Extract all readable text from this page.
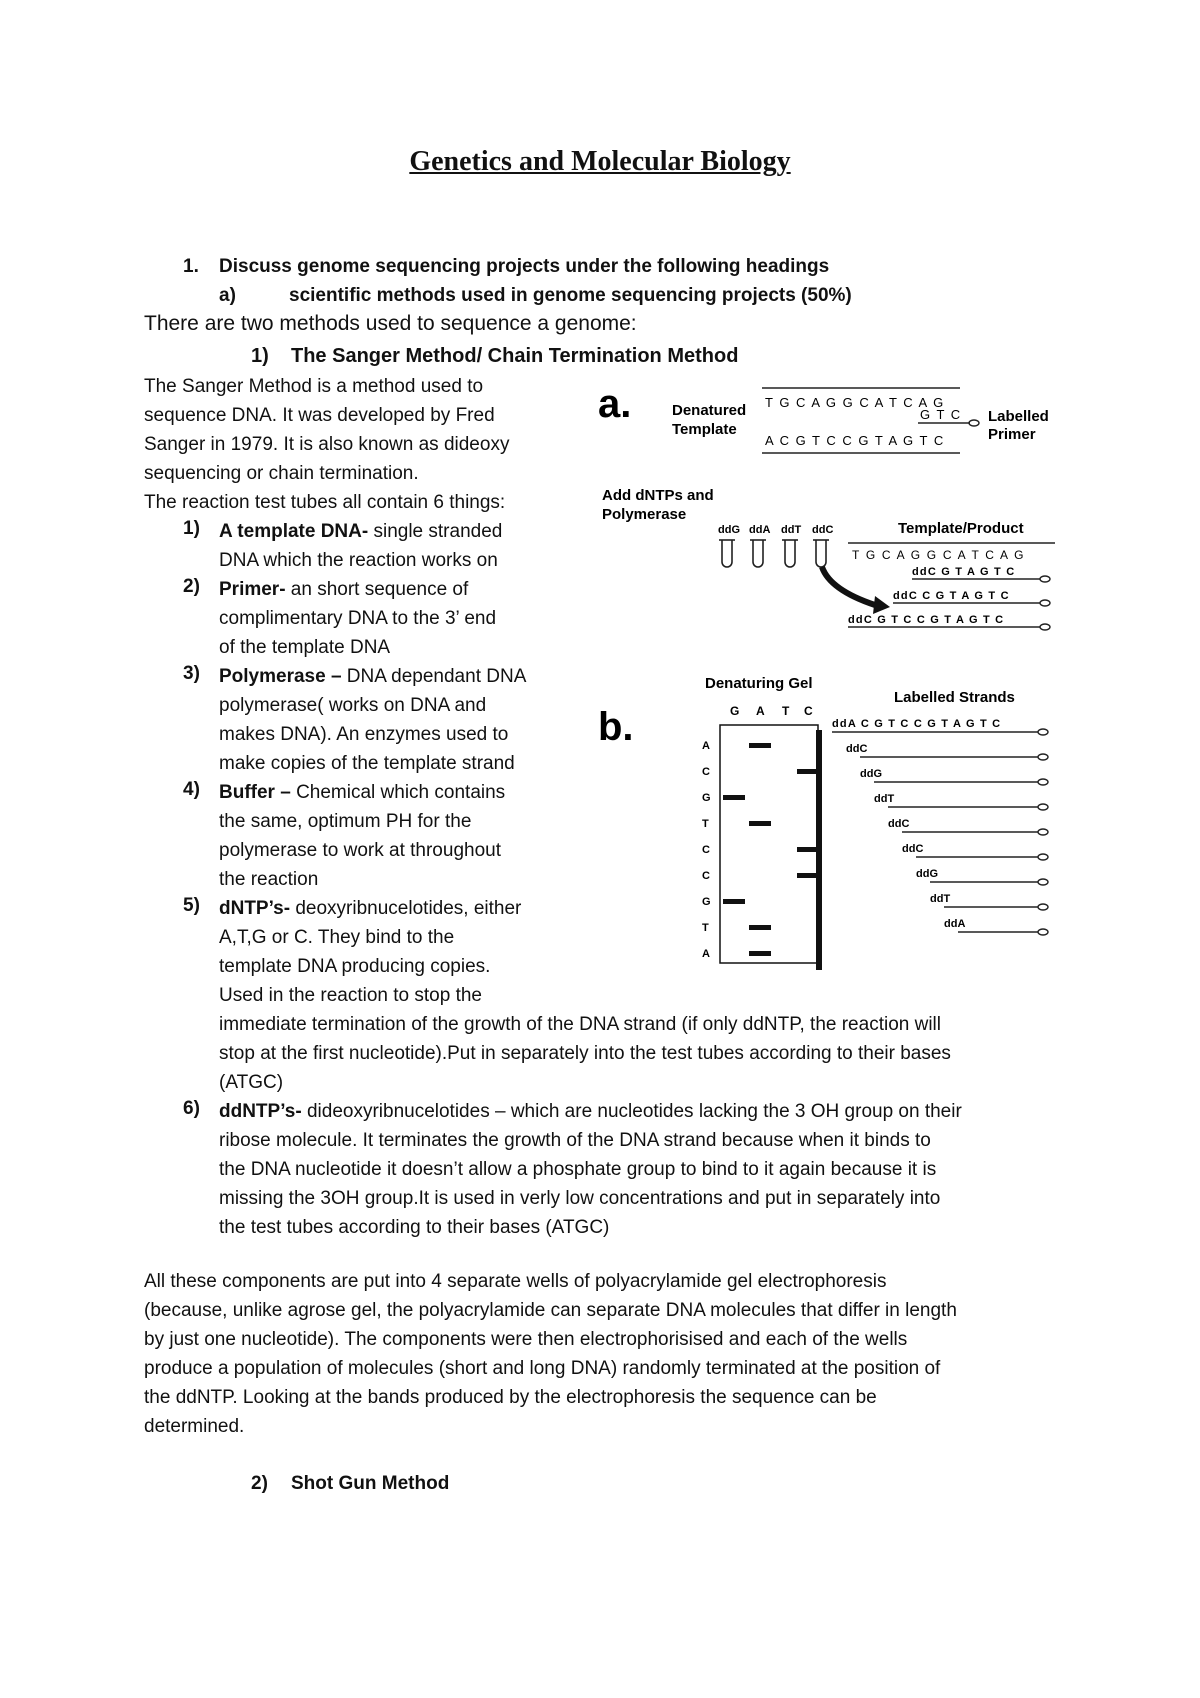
Genetics and Molecular Biology
1. Discuss genome sequencing projects under the following headings
a)	scientific methods used in genome sequencing projects (50%)
There are two methods used to sequence a genome:
1) The Sanger Method/ Chain Termination Method
The Sanger Method is a method used to
sequence DNA. It was developed by Fred
Sanger in 1979. It is also known as dideoxy
sequencing or chain termination.
The reaction test tubes all contain 6 things:
1) A template DNA- single stranded
DNA which the reaction works on
2) Primer- an short sequence of
complimentary DNA to the 3’ end
of the template DNA
3) Polymerase – DNA dependant DNA
polymerase( works on DNA and
makes DNA). An enzymes used to
make copies of the template strand
4) Buffer – Chemical which contains
the same, optimum PH for the
polymerase to work at throughout
the reaction
5) dNTP’s- deoxyribnucelotides, either
A,T,G or C. They bind to the
template DNA producing copies.
Used in the reaction to stop the
immediate termination of the growth of the DNA strand (if only ddNTP, the reaction will
stop at the first nucleotide).Put in separately into the test tubes according to their bases
(ATGC)
6) ddNTP’s- dideoxyribnucelotides – which are nucleotides lacking the 3 OH group on their
ribose molecule. It terminates the growth of the DNA strand because when it binds to
the DNA nucleotide it doesn’t allow a phosphate group to bind to it again because it is
missing the 3OH group.It is used in verly low concentrations and put in separately into
the test tubes according to their bases (ATGC)
All these components are put into 4 separate wells of polyacrylamide gel electrophoresis
(because, unlike agrose gel, the polyacrylamide can separate DNA molecules that differ in length
by just one nucleotide). The components were then electrophorisised and each of the wells
produce a population of molecules (short and long DNA) randomly terminated at the position of
the ddNTP. Looking at the bands produced by the electrophoresis the sequence can be
determined.
2) Shot Gun Method
a.	Denatured
Template
T G C A G G C A T C A G
G T C Labelled
Primer
A C G T C C G T A G T C
Add dNTPs and
Polymerase
ddG ddA ddT ddC	Template/Product
T G C A G G C A T C A G
ddC G T A G T C
ddC C G T A G T C
ddC G T C C G T A G T C
b.
Denaturing Gel
G A T C
A
C
G
T
C
C
G
T
A
Labelled Strands
ddA C G T C C G T A G T C
ddC
ddG
ddT
ddC
ddC
ddG
ddT
ddA
